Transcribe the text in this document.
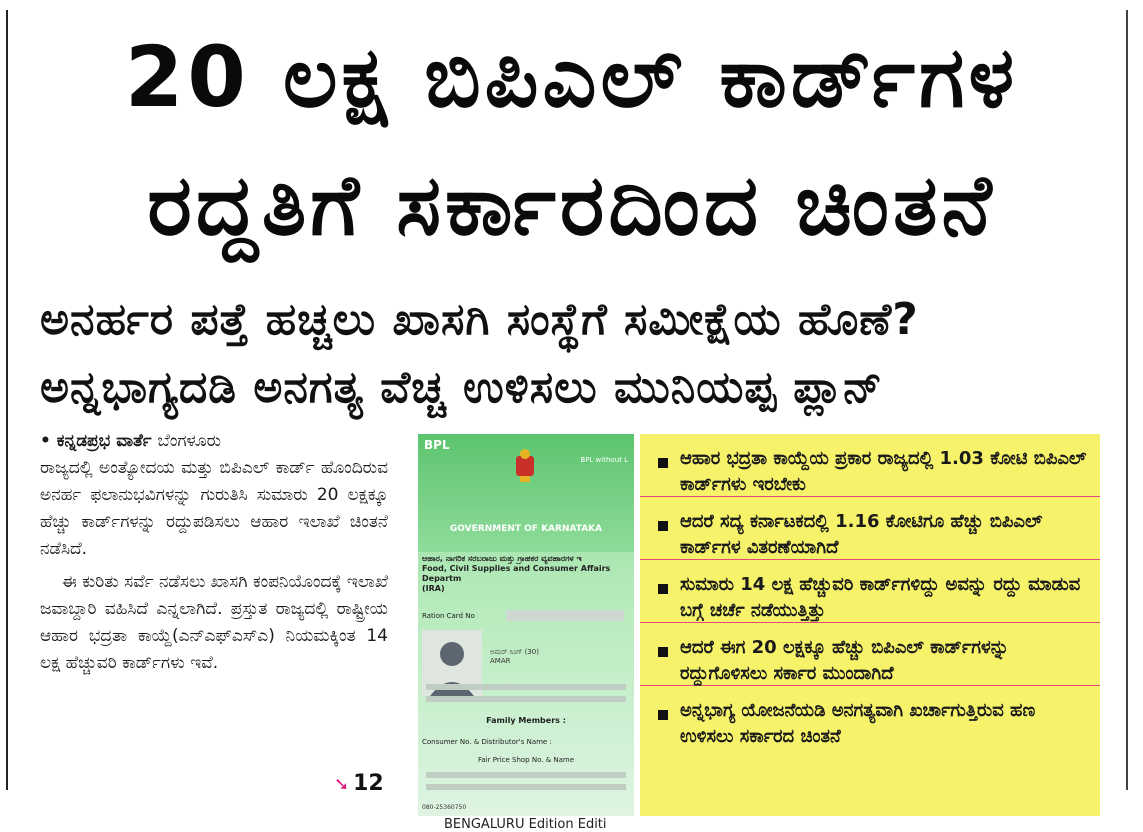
20 ಲಕ್ಷ ಬಿಪಿಎಲ್ ಕಾರ್ಡ್‌ಗಳ
ರದ್ದತಿಗೆ ಸರ್ಕಾರದಿಂದ ಚಿಂತನೆ
ಅನರ್ಹರ ಪತ್ತೆ ಹಚ್ಚಲು ಖಾಸಗಿ ಸಂಸ್ಥೆಗೆ ಸಮೀಕ್ಷೆಯ ಹೊಣೆ?
ಅನ್ನಭಾಗ್ಯದಡಿ ಅನಗತ್ಯ ವೆಚ್ಚ ಉಳಿಸಲು ಮುನಿಯಪ್ಪ ಪ್ಲಾನ್

• ಕನ್ನಡಪ್ರಭ ವಾರ್ತೆ ಬೆಂಗಳೂರು

ರಾಜ್ಯದಲ್ಲಿ ಅಂತ್ಯೋದಯ ಮತ್ತು ಬಿಪಿಎಲ್ ಕಾರ್ಡ್ ಹೊಂದಿರುವ ಅನರ್ಹ ಫಲಾನುಭವಿಗಳನ್ನು ಗುರುತಿಸಿ ಸುಮಾರು 20 ಲಕ್ಷಕ್ಕೂ ಹೆಚ್ಚು ಕಾರ್ಡ್‌ಗಳನ್ನು ರದ್ದುಪಡಿಸಲು ಆಹಾರ ಇಲಾಖೆ ಚಿಂತನೆ ನಡೆಸಿದೆ.

ಈ ಕುರಿತು ಸರ್ವೆ ನಡೆಸಲು ಖಾಸಗಿ ಕಂಪನಿಯೊಂದಕ್ಕೆ ಇಲಾಖೆ ಜವಾಬ್ದಾರಿ ವಹಿಸಿದೆ ಎನ್ನಲಾಗಿದೆ. ಪ್ರಸ್ತುತ ರಾಜ್ಯದಲ್ಲಿ ರಾಷ್ಟ್ರೀಯ ಆಹಾರ ಭದ್ರತಾ ಕಾಯ್ದೆ(ಎನ್‌ಎಫ್‌ಎಸ್‌ಎ) ನಿಯಮಕ್ಕಿಂತ 14 ಲಕ್ಷ ಹೆಚ್ಚುವರಿ ಕಾರ್ಡ್‌ಗಳು ಇವೆ.

➘ 12
BPL
BPL without L
GOVERNMENT OF KARNATAKA
ಆಹಾರ, ನಾಗರಿಕ ಸರಬರಾಜು ಮತ್ತು ಗ್ರಾಹಕರ ವ್ಯವಹಾರಗಳ ಇ
Food, Civil Supplies and Consumer Affairs Departm
(IRA)
Ration Card No
ಅಮರ್ ಸಿಂಗ್ (30)
AMAR
Family Members :
Consumer No. & Distributor's Name :
Fair Price Shop No. & Name
080-25360750
ಆಹಾರ ಭದ್ರತಾ ಕಾಯ್ದೆಯ ಪ್ರಕಾರ ರಾಜ್ಯದಲ್ಲಿ 1.03 ಕೋಟಿ ಬಿಪಿಎಲ್ ಕಾರ್ಡ್‌ಗಳು ಇರಬೇಕು
ಆದರೆ ಸದ್ಯ ಕರ್ನಾಟಕದಲ್ಲಿ 1.16 ಕೋಟಿಗೂ ಹೆಚ್ಚು ಬಿಪಿಎಲ್ ಕಾರ್ಡ್‌ಗಳ ವಿತರಣೆಯಾಗಿದೆ
ಸುಮಾರು 14 ಲಕ್ಷ ಹೆಚ್ಚುವರಿ ಕಾರ್ಡ್‌ಗಳಿದ್ದು ಅವನ್ನು ರದ್ದು ಮಾಡುವ ಬಗ್ಗೆ ಚರ್ಚೆ ನಡೆಯುತ್ತಿತ್ತು
ಆದರೆ ಈಗ 20 ಲಕ್ಷಕ್ಕೂ ಹೆಚ್ಚು ಬಿಪಿಎಲ್ ಕಾರ್ಡ್‌ಗಳನ್ನು ರದ್ದುಗೊಳಿಸಲು ಸರ್ಕಾರ ಮುಂದಾಗಿದೆ
ಅನ್ನಭಾಗ್ಯ ಯೋಜನೆಯಡಿ ಅನಗತ್ಯವಾಗಿ ಖರ್ಚಾಗುತ್ತಿರುವ ಹಣ ಉಳಿಸಲು ಸರ್ಕಾರದ ಚಿಂತನೆ
BENGALURU Edition Editi
